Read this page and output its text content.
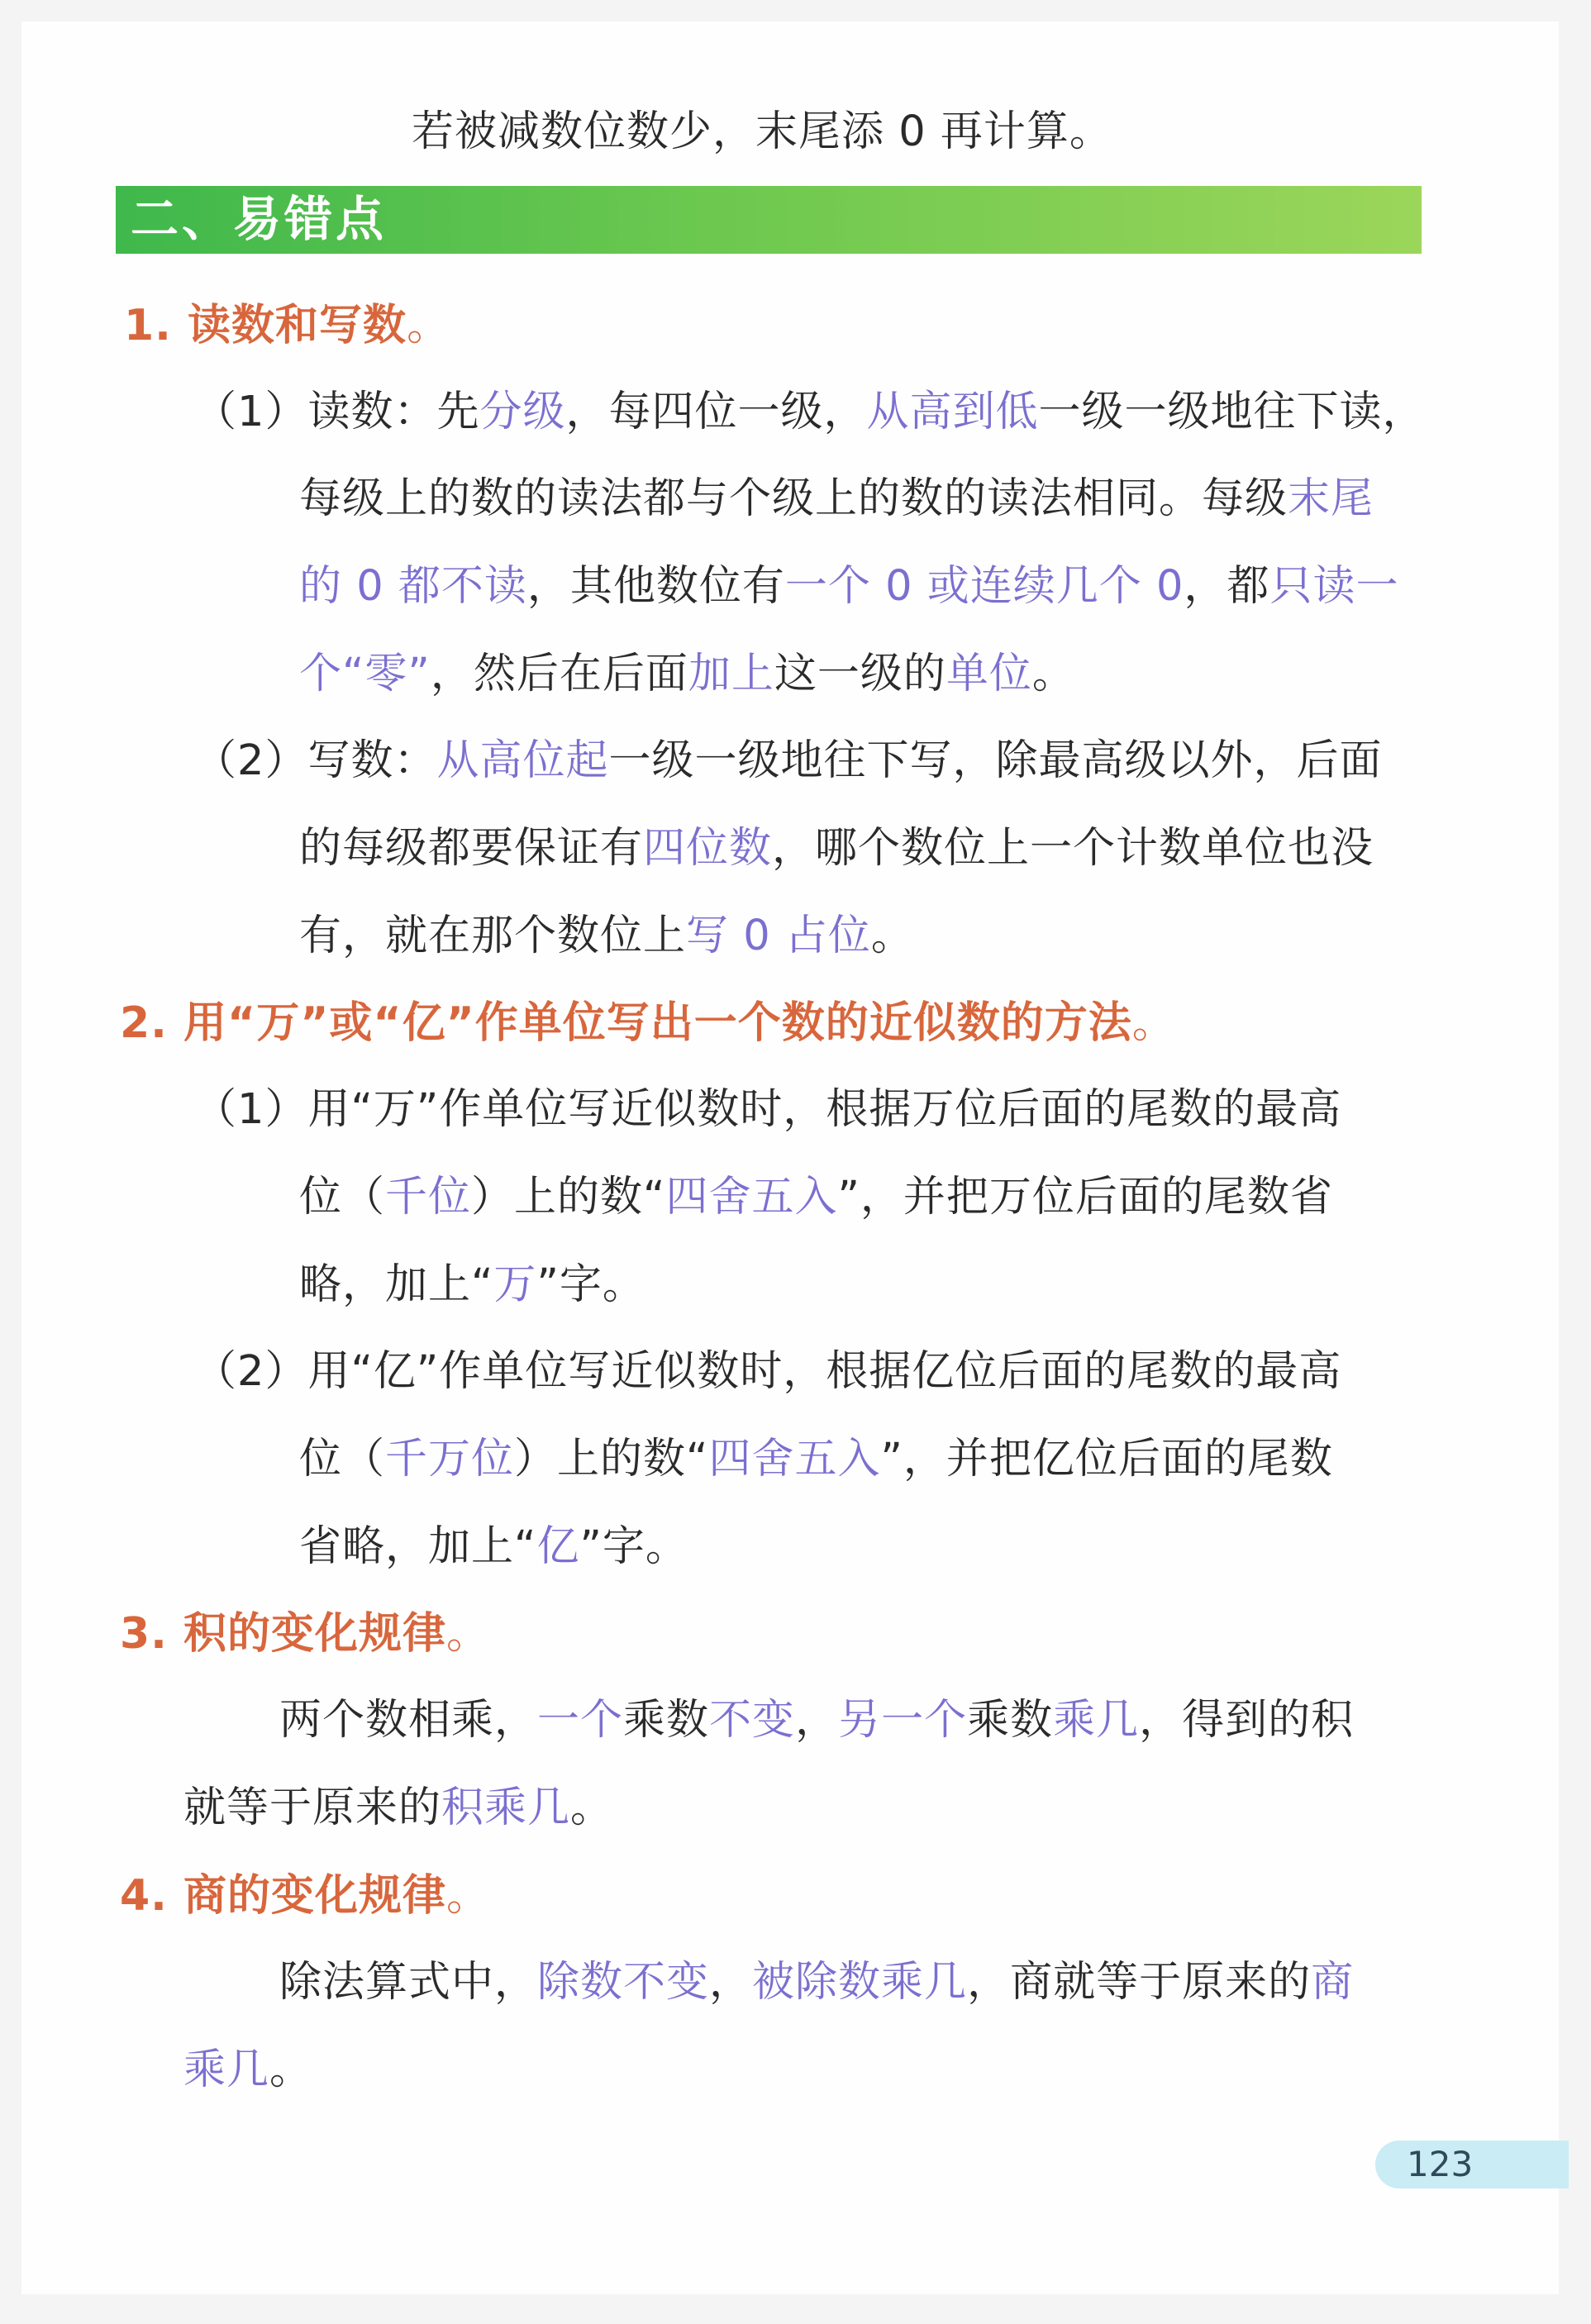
若被减数位数少，末尾添 0 再计算。
二、易错点
1. 读数和写数。
（1）读数：先分级，每四位一级，从高到低一级一级地往下读，
每级上的数的读法都与个级上的数的读法相同。每级末尾
的 0 都不读，其他数位有一个 0 或连续几个 0，都只读一
个“零”，然后在后面加上这一级的单位。
（2）写数：从高位起一级一级地往下写，除最高级以外，后面
的每级都要保证有四位数，哪个数位上一个计数单位也没
有，就在那个数位上写 0 占位。
2. 用“万”或“亿”作单位写出一个数的近似数的方法。
（1）用“万”作单位写近似数时，根据万位后面的尾数的最高
位（千位）上的数“四舍五入”，并把万位后面的尾数省
略，加上“万”字。
（2）用“亿”作单位写近似数时，根据亿位后面的尾数的最高
位（千万位）上的数“四舍五入”，并把亿位后面的尾数
省略，加上“亿”字。
3. 积的变化规律。
两个数相乘，一个乘数不变，另一个乘数乘几，得到的积
就等于原来的积乘几。
4. 商的变化规律。
除法算式中，除数不变，被除数乘几，商就等于原来的商
乘几。
123
